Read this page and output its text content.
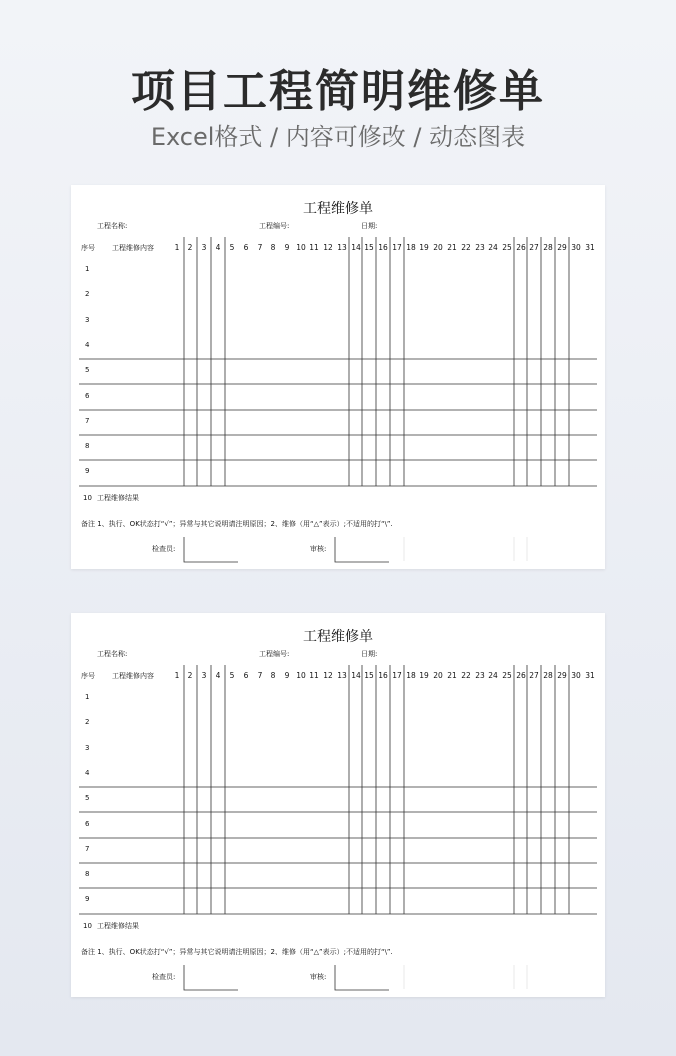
项目工程简明维修单
Excel格式 / 内容可修改 / 动态图表
工程维修单
工程名称:	工程编号:	日期:
序号 工程维修内容	1	2	3	4	5	6	7	8	9 10 11 12 13 14 15 16 17 18 19 20 21 22 23 24 25 26 27 28 29 30 31
1
2
3
4
5
6
7
8
9
10 工程维修结果
备注 1、执行、OK状态打“√”；异常与其它说明请注明原因；2、维修（用“△”表示）;不适用的打“\”.
检查员:	审核:
工程维修单
工程名称:	工程编号:	日期:
序号 工程维修内容	1	2	3	4	5	6	7	8	9 10 11 12 13 14 15 16 17 18 19 20 21 22 23 24 25 26 27 28 29 30 31
1
2
3
4
5
6
7
8
9
10 工程维修结果
备注 1、执行、OK状态打“√”；异常与其它说明请注明原因；2、维修（用“△”表示）;不适用的打“\”.
检查员:	审核:
